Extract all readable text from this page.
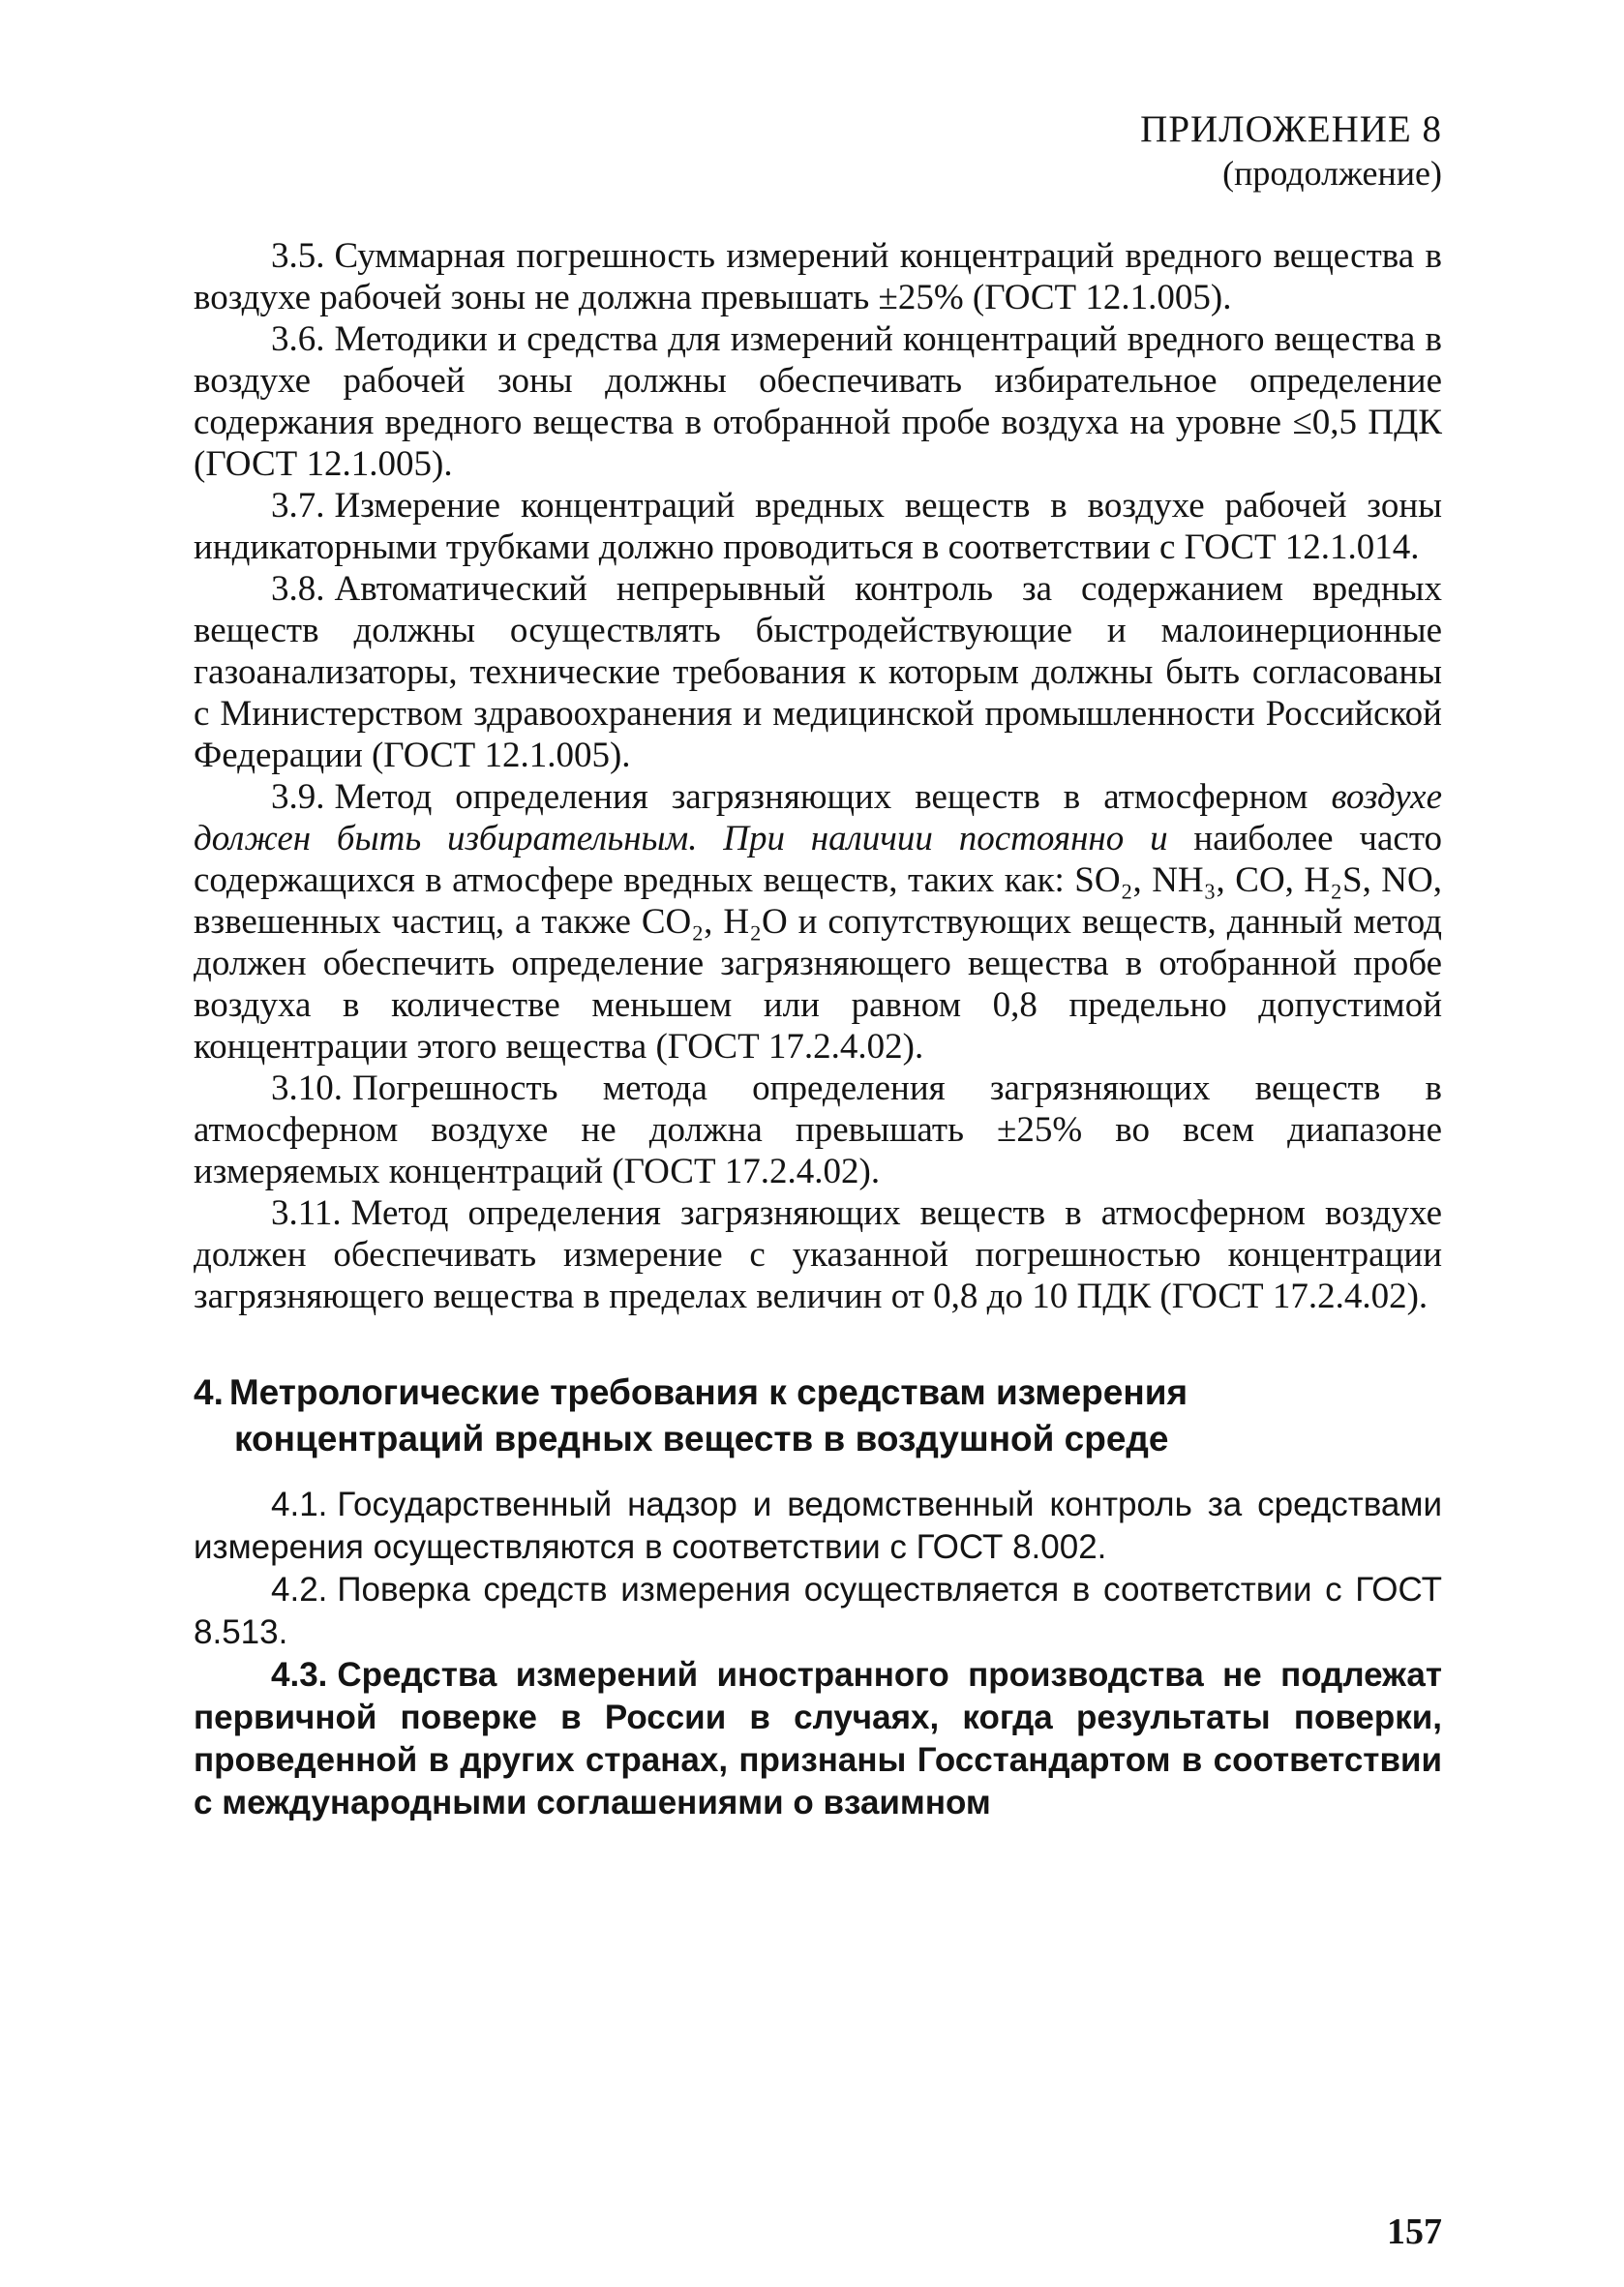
ПРИЛОЖЕНИЕ 8
(продолжение)

3.5. Суммарная погрешность измерений концентраций вредного вещества в воздухе рабочей зоны не должна превышать ±25% (ГОСТ 12.1.005).

3.6. Методики и средства для измерений концентраций вредного вещества в воздухе рабочей зоны должны обеспечивать избирательное определение содержания вредного вещества в отобранной пробе воздуха на уровне ≤0,5 ПДК (ГОСТ 12.1.005).

3.7. Измерение концентраций вредных веществ в воздухе рабочей зоны индикаторными трубками должно проводиться в соответствии с ГОСТ 12.1.014.

3.8. Автоматический непрерывный контроль за содержанием вредных веществ должны осуществлять быстродействующие и малоинерционные газоанализаторы, технические требования к которым должны быть согласованы с Министерством здравоохранения и медицинской промышленности Российской Федерации (ГОСТ 12.1.005).

3.9. Метод определения загрязняющих веществ в атмосферном воздухе должен быть избирательным. При наличии постоянно и наиболее часто содержащихся в атмосфере вредных веществ, таких как: SO₂, NH₃, CO, H₂S, NO, взвешенных частиц, а также CO₂, H₂O и сопутствующих веществ, данный метод должен обеспечить определение загрязняющего вещества в отобранной пробе воздуха в количестве меньшем или равном 0,8 предельно допустимой концентрации этого вещества (ГОСТ 17.2.4.02).

3.10. Погрешность метода определения загрязняющих веществ в атмосферном воздухе не должна превышать ±25% во всем диапазоне измеряемых концентраций (ГОСТ 17.2.4.02).

3.11. Метод определения загрязняющих веществ в атмосферном воздухе должен обеспечивать измерение с указанной погрешностью концентрации загрязняющего вещества в пределах величин от 0,8 до 10 ПДК (ГОСТ 17.2.4.02).

4. Метрологические требования к средствам измерения концентраций вредных веществ в воздушной среде

4.1. Государственный надзор и ведомственный контроль за средствами измерения осуществляются в соответствии с ГОСТ 8.002.

4.2. Поверка средств измерения осуществляется в соответствии с ГОСТ 8.513.

4.3. Средства измерений иностранного производства не подлежат первичной поверке в России в случаях, когда результаты поверки, проведенной в других странах, признаны Госстандартом в соответствии с международными соглашениями о взаимном

157
